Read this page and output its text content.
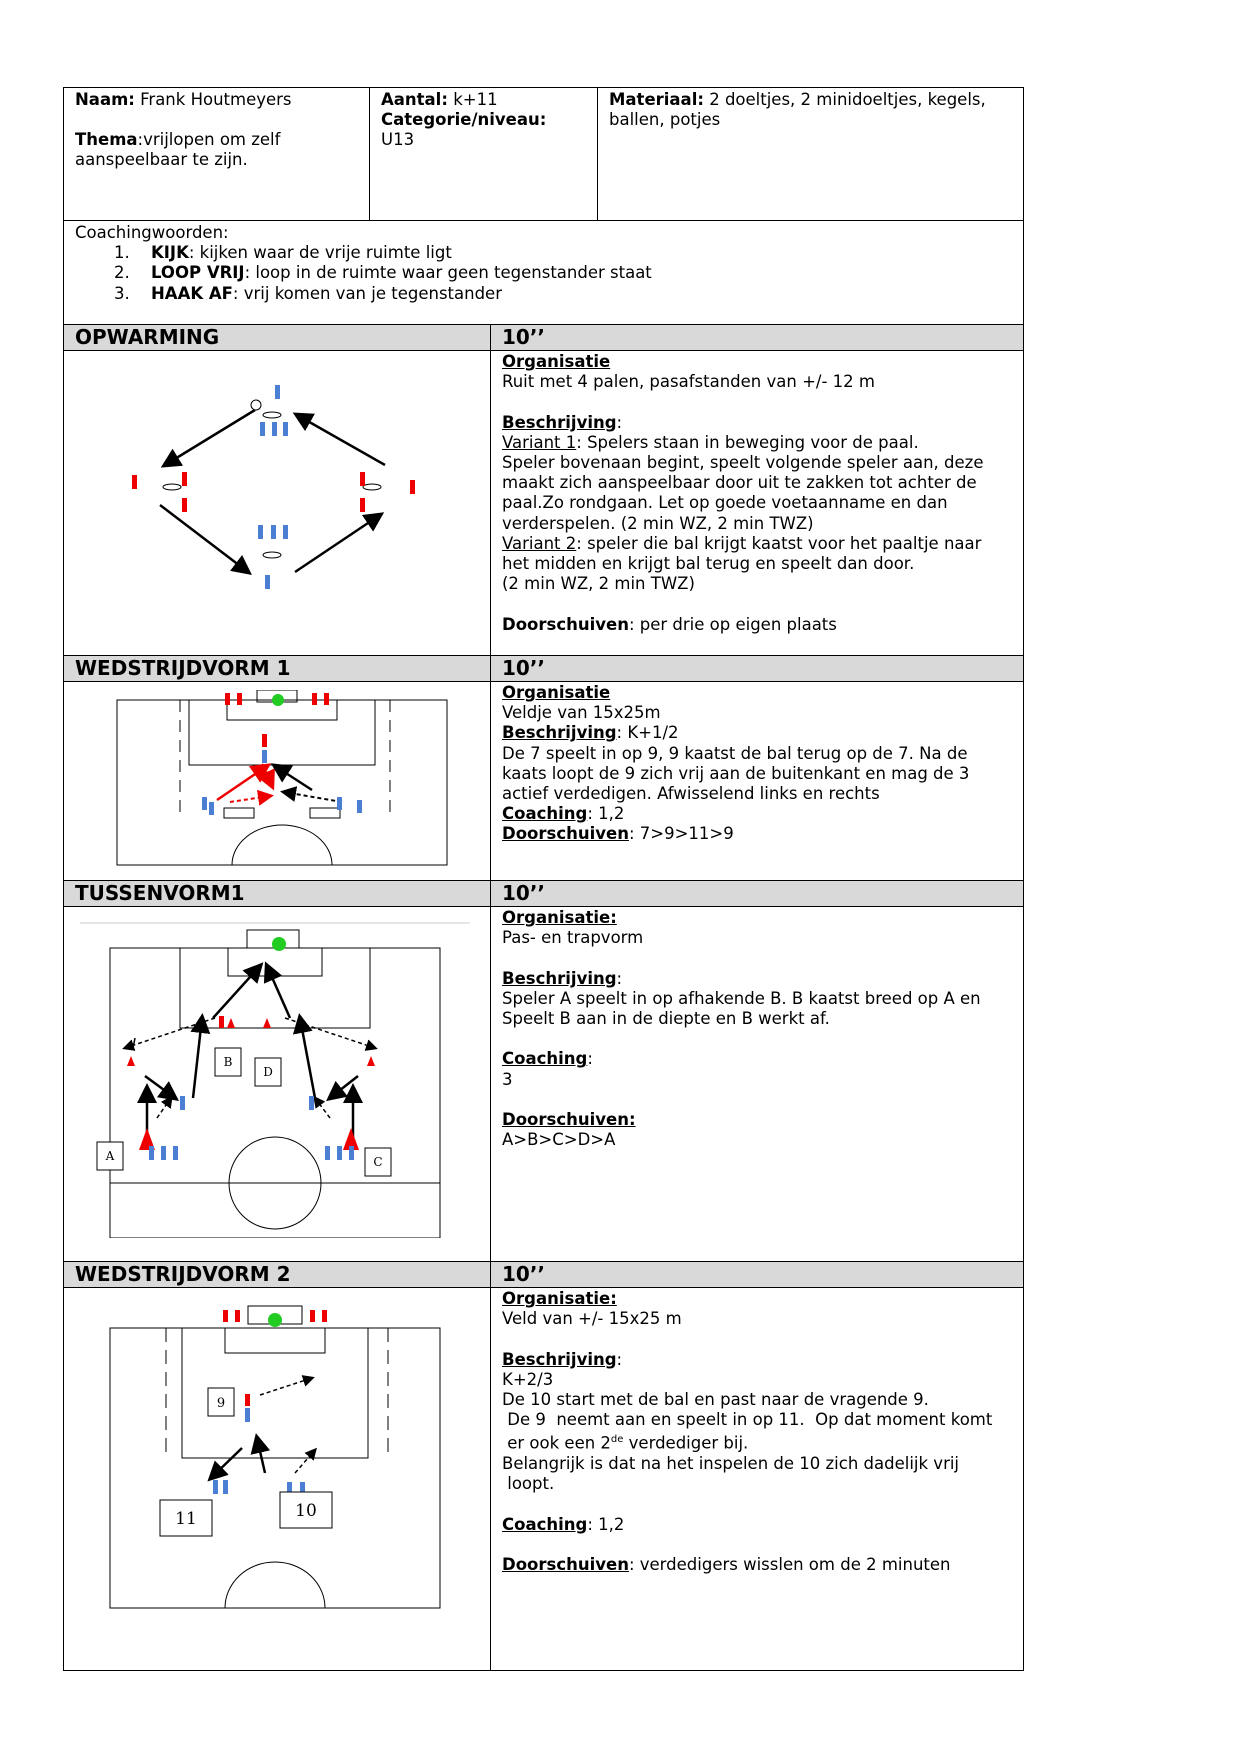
Naam: Frank Houtmeyers
Thema:vrijlopen om zelf
aanspeelbaar te zijn.
Aantal: k+11
Categorie/niveau:
U13
Materiaal: 2 doeltjes, 2 minidoeltjes, kegels,
ballen, potjes
Coachingwoorden:
1. KIJK: kijken waar de vrije ruimte ligt
2. LOOP VRIJ: loop in de ruimte waar geen tegenstander staat
3. HAAK AF: vrij komen van je tegenstander
OPWARMING	10’’

Organisatie

Ruit met 4 palen, pasafstanden van +/- 12 m

Beschrijving:

Variant 1: Spelers staan in beweging voor de paal.

Speler bovenaan begint, speelt volgende speler aan, deze

maakt zich aanspeelbaar door uit te zakken tot achter de

paal.Zo rondgaan. Let op goede voetaanname en dan

verderspelen. (2 min WZ, 2 min TWZ)

Variant 2: speler die bal krijgt kaatst voor het paaltje naar

het midden en krijgt bal terug en speelt dan door.

(2 min WZ, 2 min TWZ)

Doorschuiven: per drie op eigen plaats

WEDSTRIJDVORM 1	10’’

Organisatie

Veldje van 15x25m

Beschrijving: K+1/2

De 7 speelt in op 9, 9 kaatst de bal terug op de 7. Na de

kaats loopt de 9 zich vrij aan de buitenkant en mag de 3

actief verdedigen. Afwisselend links en rechts

Coaching: 1,2

Doorschuiven: 7>9>11>9

TUSSENVORM1	10’’
A
B
D
C

Organisatie:

Pas- en trapvorm

Beschrijving:

Speler A speelt in op afhakende B. B kaatst breed op A en

Speelt B aan in de diepte en B werkt af.

Coaching:

3

Doorschuiven:

A>B>C>D>A

WEDSTRIJDVORM 2	10’’
9
11	10

Organisatie:

Veld van +/- 15x25 m

Beschrijving:

K+2/3

De 10 start met de bal en past naar de vragende 9.

De 9  neemt aan en speelt in op 11.  Op dat moment komt

er ook een 2de verdediger bij.

Belangrijk is dat na het inspelen de 10 zich dadelijk vrij

loopt.

Coaching: 1,2

Doorschuiven: verdedigers wisslen om de 2 minuten
